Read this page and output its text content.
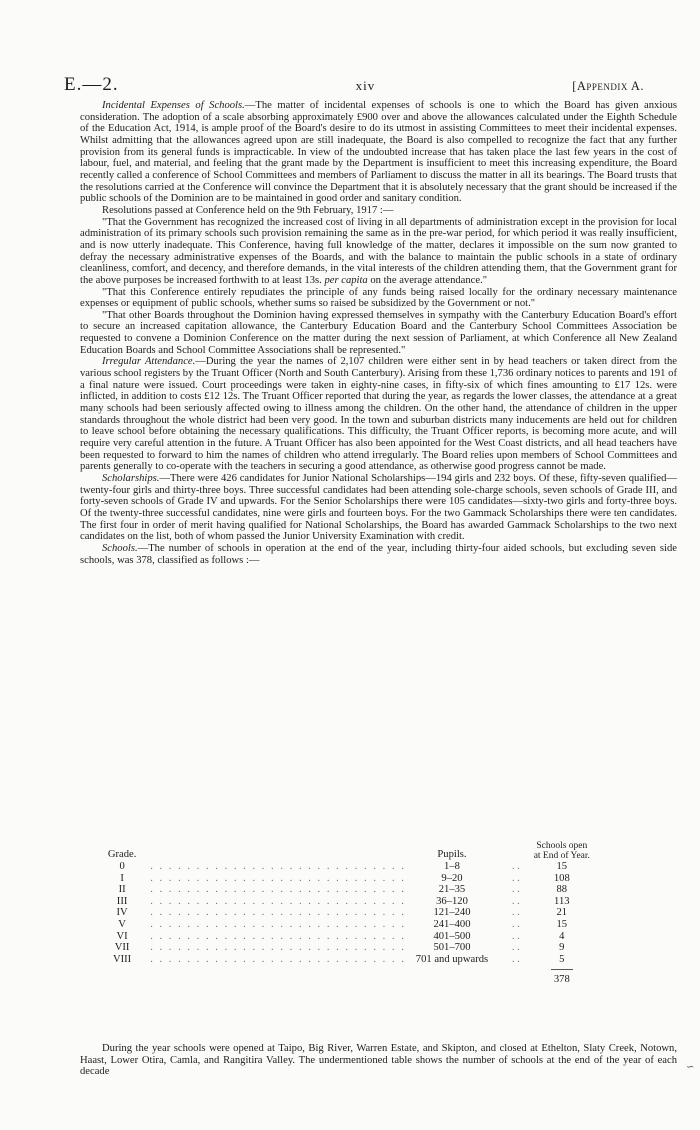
E.—2.	xiv	[Appendix A.

Incidental Expenses of Schools.—The matter of incidental expenses of schools is one to which the Board has given anxious consideration. The adoption of a scale absorbing approximately £900 over and above the allowances calculated under the Eighth Schedule of the Education Act, 1914, is ample proof of the Board's desire to do its utmost in assisting Committees to meet their incidental expenses. Whilst admitting that the allowances agreed upon are still inadequate, the Board is also compelled to recognize the fact that any further provision from its general funds is impracticable. In view of the undoubted increase that has taken place the last few years in the cost of labour, fuel, and material, and feeling that the grant made by the Department is insufficient to meet this increasing expenditure, the Board recently called a conference of School Committees and members of Parliament to discuss the matter in all its bearings. The Board trusts that the resolutions carried at the Conference will convince the Department that it is absolutely necessary that the grant should be increased if the public schools of the Dominion are to be maintained in good order and sanitary condition.

Resolutions passed at Conference held on the 9th February, 1917 :—

"That the Government has recognized the increased cost of living in all departments of administration except in the provision for local administration of its primary schools such provision remaining the same as in the pre-war period, for which period it was really insufficient, and is now utterly inadequate. This Conference, having full knowledge of the matter, declares it impossible on the sum now granted to defray the necessary administrative expenses of the Boards, and with the balance to maintain the public schools in a state of ordinary cleanliness, comfort, and decency, and therefore demands, in the vital interests of the children attending them, that the Government grant for the above purposes be increased forthwith to at least 13s. per capita on the average attendance."

"That this Conference entirely repudiates the principle of any funds being raised locally for the ordinary necessary maintenance expenses or equipment of public schools, whether sums so raised be subsidized by the Government or not."

"That other Boards throughout the Dominion having expressed themselves in sympathy with the Canterbury Education Board's effort to secure an increased capitation allowance, the Canterbury Education Board and the Canterbury School Committees Association be requested to convene a Dominion Conference on the matter during the next session of Parliament, at which Conference all New Zealand Education Boards and School Committee Associations shall be represented."

Irregular Attendance.—During the year the names of 2,107 children were either sent in by head teachers or taken direct from the various school registers by the Truant Officer (North and South Canterbury). Arising from these 1,736 ordinary notices to parents and 191 of a final nature were issued. Court proceedings were taken in eighty-nine cases, in fifty-six of which fines amounting to £17 12s. were inflicted, in addition to costs £12 12s. The Truant Officer reported that during the year, as regards the lower classes, the attendance at a great many schools had been seriously affected owing to illness among the children. On the other hand, the attendance of children in the upper standards throughout the whole district had been very good. In the town and suburban districts many inducements are held out for children to leave school before obtaining the necessary qualifications. This difficulty, the Truant Officer reports, is becoming more acute, and will require very careful attention in the future. A Truant Officer has also been appointed for the West Coast districts, and all head teachers have been requested to forward to him the names of children who attend irregularly. The Board relies upon members of School Committees and parents generally to co-operate with the teachers in securing a good attendance, as otherwise good progress cannot be made.

Scholarships.—There were 426 candidates for Junior National Scholarships—194 girls and 232 boys. Of these, fifty-seven qualified—twenty-four girls and thirty-three boys. Three successful candidates had been attending sole-charge schools, seven schools of Grade III, and forty-seven schools of Grade IV and upwards. For the Senior Scholarships there were 105 candidates—sixty-two girls and forty-three boys. Of the twenty-three successful candidates, nine were girls and fourteen boys. For the two Gammack Scholarships there were ten candidates. The first four in order of merit having qualified for National Scholarships, the Board has awarded Gammack Scholarships to the two next candidates on the list, both of whom passed the Junior University Examination with credit.

Schools.—The number of schools in operation at the end of the year, including thirty-four aided schools, but excluding seven side schools, was 378, classified as follows :—

Grade.		Pupils.		Schools open at End of Year.
0	. . . . . . . . . . . . . . . . . . . . . . . . . . . .	1–8	. .	15
I	. . . . . . . . . . . . . . . . . . . . . . . . . . . .	9–20	. .	108
II	. . . . . . . . . . . . . . . . . . . . . . . . . . . .	21–35	. .	88
III	. . . . . . . . . . . . . . . . . . . . . . . . . . . .	36–120	. .	113
IV	. . . . . . . . . . . . . . . . . . . . . . . . . . . .	121–240	. .	21
V	. . . . . . . . . . . . . . . . . . . . . . . . . . . .	241–400	. .	15
VI	. . . . . . . . . . . . . . . . . . . . . . . . . . . .	401–500	. .	4
VII	. . . . . . . . . . . . . . . . . . . . . . . . . . . .	501–700	. .	9
VIII	. . . . . . . . . . . . . . . . . . . . . . . . . . . .	701 and upwards	. .	5

378

During the year schools were opened at Taipo, Big River, Warren Estate, and Skipton, and closed at Ethelton, Slaty Creek, Notown, Haast, Lower Otira, Camla, and Rangitira Valley. The undermentioned table shows the number of schools at the end of the year of each decade	∽
